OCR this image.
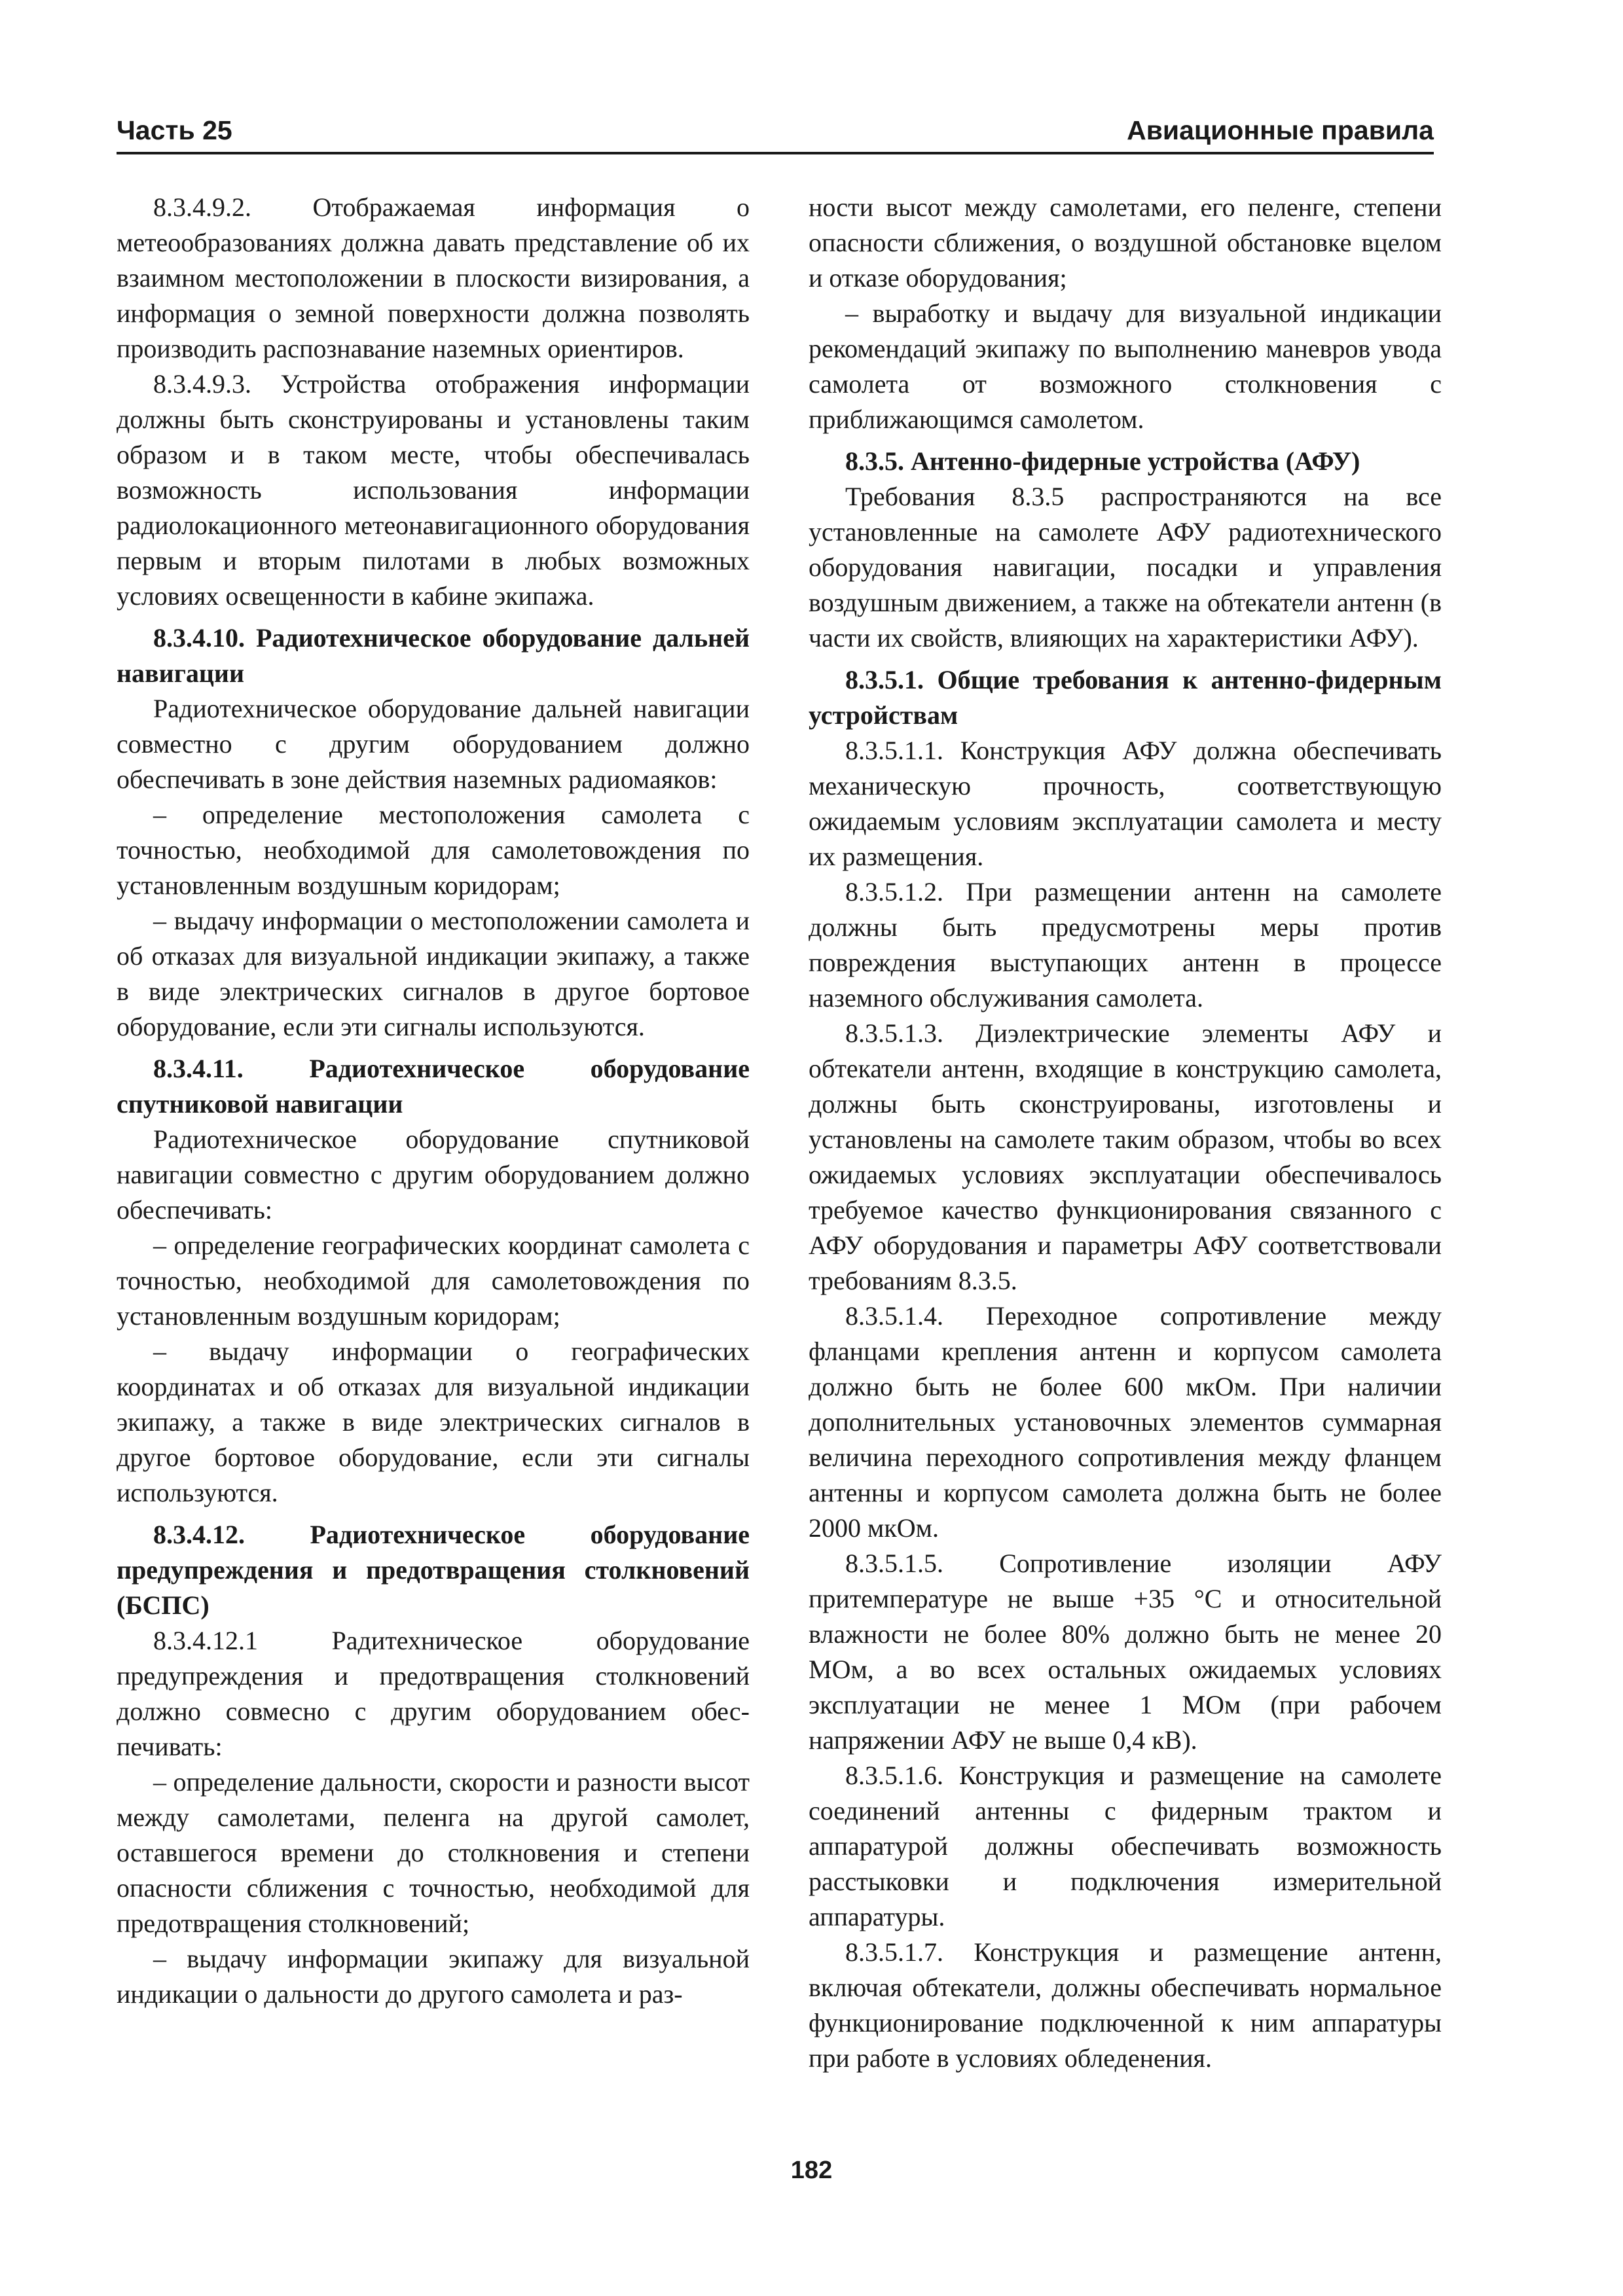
Часть 25	Авиационные правила

8.3.4.9.2. Отображаемая информация о метеообразованиях должна давать представление об их взаимном местоположении в плоскости визирования, а информация о земной поверхности должна позволять производить распознавание наземных ориентиров.

8.3.4.9.3. Устройства отображения информации должны быть сконструированы и установлены таким образом и в таком месте, чтобы обеспечивалась возможность использования информации радиолокационного метеонавигационного оборудования первым и вторым пилотами в любых возможных условиях освещенности в кабине экипажа.

8.3.4.10. Радиотехническое оборудование дальней навигации

Радиотехническое оборудование дальней навигации совместно с другим оборудованием должно обеспечивать в зоне действия наземных радиомаяков:

– определение местоположения самолета с точностью, необходимой для самолетовождения по установленным воздушным коридорам;

– выдачу информации о местоположении самолета и об отказах для визуальной индикации экипажу, а также в виде электрических сигналов в другое бортовое оборудование, если эти сигналы используются.

8.3.4.11. Радиотехническое оборудование спутниковой навигации

Радиотехническое оборудование спутниковой навигации совместно с другим оборудованием должно обеспечивать:

– определение географических координат самолета с точностью, необходимой для самолетовождения по установленным воздушным коридорам;

– выдачу информации о географических координатах и об отказах для визуальной индикации экипажу, а также в виде электрических сигналов в другое бортовое оборудование, если эти сигналы используются.

8.3.4.12. Радиотехническое оборудование предупреждения и предотвращения столкновений (БСПС)

8.3.4.12.1 Радитехническое оборудование предупреждения и предотвращения столкновений должно совмесно с другим оборудованием обес-печивать:

– определение дальности, скорости и разности высот между самолетами, пеленга на другой самолет, оставшегося времени до столкновения и степени опасности сближения с точностью, необходимой для предотвращения столкновений;

– выдачу информации экипажу для визуальной индикации о дальности до другого самолета и раз-

ности высот между самолетами, его пеленге, степени опасности сближения, о воздушной обстановке вцелом и отказе оборудования;

– выработку и выдачу для визуальной индикации рекомендаций экипажу по выполнению маневров увода самолета от возможного столкновения с приближающимся самолетом.

8.3.5. Антенно-фидерные устройства (АФУ)

Требования 8.3.5 распространяются на все установленные на самолете АФУ радиотехнического оборудования навигации, посадки и управления воздушным движением, а также на обтекатели антенн (в части их свойств, влияющих на характеристики АФУ).

8.3.5.1. Общие требования к антенно-фидерным устройствам

8.3.5.1.1. Конструкция АФУ должна обеспечивать механическую прочность, соответствующую ожидаемым условиям эксплуатации самолета и месту их размещения.

8.3.5.1.2. При размещении антенн на самолете должны быть предусмотрены меры против повреждения выступающих антенн в процессе наземного обслуживания самолета.

8.3.5.1.3. Диэлектрические элементы АФУ и обтекатели антенн, входящие в конструкцию самолета, должны быть сконструированы, изготовлены и установлены на самолете таким образом, чтобы во всех ожидаемых условиях эксплуатации обеспечивалось требуемое качество функционирования связанного с АФУ оборудования и параметры АФУ соответствовали требованиям 8.3.5.

8.3.5.1.4. Переходное сопротивление между фланцами крепления антенн и корпусом самолета должно быть не более 600 мкОм. При наличии дополнительных установочных элементов суммарная величина переходного сопротивления между фланцем антенны и корпусом самолета должна быть не более 2000 мкОм.

8.3.5.1.5. Сопротивление изоляции АФУ притемпературе не выше +35 °С и относительной влажности не более 80% должно быть не менее 20 МОм, а во всех остальных ожидаемых условиях эксплуатации не менее 1 МОм (при рабочем напряжении АФУ не выше 0,4 кВ).

8.3.5.1.6. Конструкция и размещение на самолете соединений антенны с фидерным трактом и аппаратурой должны обеспечивать возможность расстыковки и подключения измерительной аппаратуры.

8.3.5.1.7. Конструкция и размещение антенн, включая обтекатели, должны обеспечивать нормальное функционирование подключенной к ним аппаратуры при работе в условиях обледенения.

182
